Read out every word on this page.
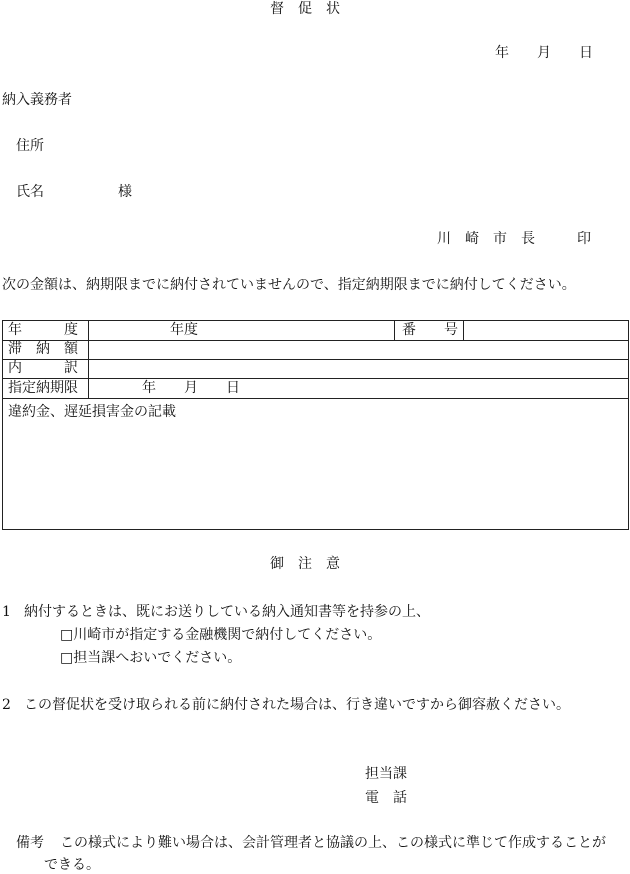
督　促　状
年　　月　　日
納入義務者
住所
氏名	様
川　崎　市　長　　　印
次の金額は、納期限までに納付されていませんので、指定納期限までに納付してください。
年　　　度	年度	番　　号
滞　納　額
内　　　訳
指定納期限	年　　月　　日
違約金、遅延損害金の記載
御　注　意
1 納付するときは、既にお送りしている納入通知書等を持参の上、
□川崎市が指定する金融機関で納付してください。
□担当課へおいでください。
2 この督促状を受け取られる前に納付された場合は、行き違いですから御容赦ください。
担当課
電　話
備考 この様式により難い場合は、会計管理者と協議の上、この様式に準じて作成することが
できる。
